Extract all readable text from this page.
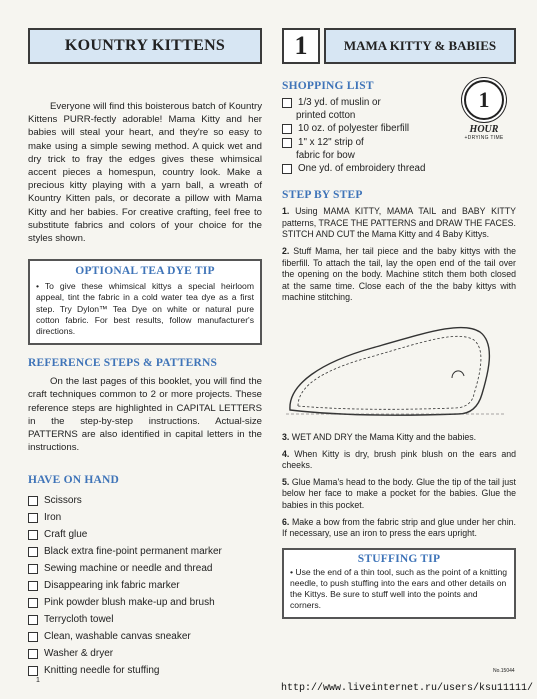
KOUNTRY KITTENS

Everyone will find this boisterous batch of Kountry Kittens PURR-fectly adorable! Mama Kitty and her babies will steal your heart, and they're so easy to make using a simple sewing method. A quick wet and dry trick to fray the edges gives these whimsical accent pieces a homespun, country look. Make a precious kitty playing with a yarn ball, a wreath of Kountry Kitten pals, or decorate a pillow with Mama Kitty and her babies. For creative crafting, feel free to substitute fabrics and colors of your choice for the styles shown.

OPTIONAL TEA DYE TIP
• To give these whimsical kittys a special heirloom appeal, tint the fabric in a cold water tea dye as a first step. Try Dylon™ Tea Dye on white or natural pure cotton fabric. For best results, follow manufacturer's directions.
REFERENCE STEPS & PATTERNS
On the last pages of this booklet, you will find the craft techniques common to 2 or more projects. These reference steps are highlighted in CAPITAL LETTERS in the step-by-step instructions. Actual-size PATTERNS are also identified in capital letters in the instructions.
HAVE ON HAND
Scissors
Iron
Craft glue
Black extra fine-point permanent marker
Sewing machine or needle and thread
Disappearing ink fabric marker
Pink powder blush make-up and brush
Terrycloth towel
Clean, washable canvas sneaker
Washer & dryer
Knitting needle for stuffing
1	MAMA KITTY & BABIES
SHOPPING LIST
1/3 yd. of muslin or
printed cotton
10 oz. of polyester fiberfill
1" x 12" strip of
fabric for bow
One yd. of embroidery thread
1
HOUR
+DRYING TIME
STEP BY STEP
1. Using MAMA KITTY, MAMA TAIL and BABY KITTY patterns, TRACE THE PATTERNS and DRAW THE FACES. STITCH AND CUT the Mama Kitty and 4 Baby Kittys.
2. Stuff Mama, her tail piece and the baby kittys with the fiberfill. To attach the tail, lay the open end of the tail over the opening on the body. Machine stitch them both closed at the same time. Close each of the the baby kittys with machine stitching.
3. WET AND DRY the Mama Kitty and the babies.
4. When Kitty is dry, brush pink blush on the ears and cheeks.
5. Glue Mama's head to the body. Glue the tip of the tail just below her face to make a pocket for the babies. Glue the babies in this pocket.
6. Make a bow from the fabric strip and glue under her chin. If necessary, use an iron to press the ears upright.
STUFFING TIP
• Use the end of a thin tool, such as the point of a knitting needle, to push stuffing into the ears and other details on the Kittys. Be sure to stuff well into the points and corners.
1
No.15044
http://www.liveinternet.ru/users/ksu11111/
